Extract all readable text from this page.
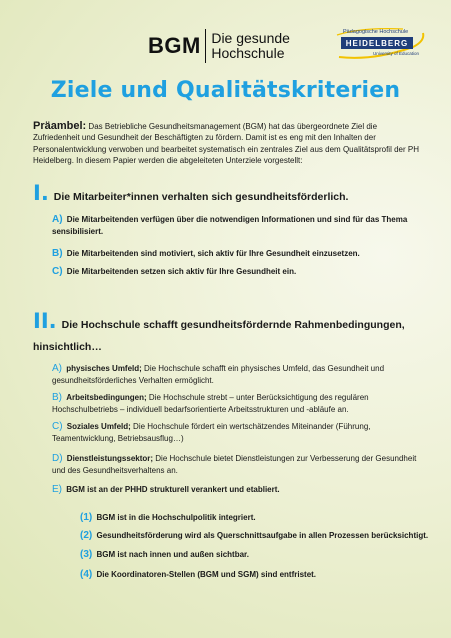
BGM Die gesunde
Hochschule
Pädagogische Hochschule
HEIDELBERG
University of Education
Ziele und Qualitätskriterien
Präambel: Das Betriebliche Gesundheitsmanagement (BGM) hat das übergeordnete Ziel die Zufriedenheit und Gesundheit der Beschäftigten zu fördern. Damit ist es eng mit den Inhalten der Personalentwicklung verwoben und bearbeitet systematisch ein zentrales Ziel aus dem Qualitätsprofil der PH Heidelberg. In diesem Papier werden die abgeleiteten Unterziele vorgestellt:
I. Die Mitarbeiter*innen verhalten sich gesundheitsförderlich.
A) Die Mitarbeitenden verfügen über die notwendigen Informationen und sind für das Thema sensibilisiert.
B) Die Mitarbeitenden sind motiviert, sich aktiv für Ihre Gesundheit einzusetzen.
C) Die Mitarbeitenden setzen sich aktiv für Ihre Gesundheit ein.
II. Die Hochschule schafft gesundheitsfördernde Rahmenbedingungen, hinsichtlich…
A) physisches Umfeld; Die Hochschule schafft ein physisches Umfeld, das Gesundheit und gesundheitsförderliches Verhalten ermöglicht.
B) Arbeitsbedingungen; Die Hochschule strebt – unter Berücksichtigung des regulären Hochschulbetriebs – individuell bedarfsorientierte Arbeitsstrukturen und -abläufe an.
C) Soziales Umfeld; Die Hochschule fördert ein wertschätzendes Miteinander (Führung, Teamentwicklung, Betriebsausflug…)
D) Dienstleistungssektor; Die Hochschule bietet Dienstleistungen zur Verbesserung der Gesundheit und des Gesundheitsverhaltens an.
E) BGM ist an der PHHD strukturell verankert und etabliert.
(1) BGM ist in die Hochschulpolitik integriert.
(2) Gesundheitsförderung wird als Querschnittsaufgabe in allen Prozessen berücksichtigt.
(3) BGM ist nach innen und außen sichtbar.
(4) Die Koordinatoren-Stellen (BGM und SGM) sind entfristet.
